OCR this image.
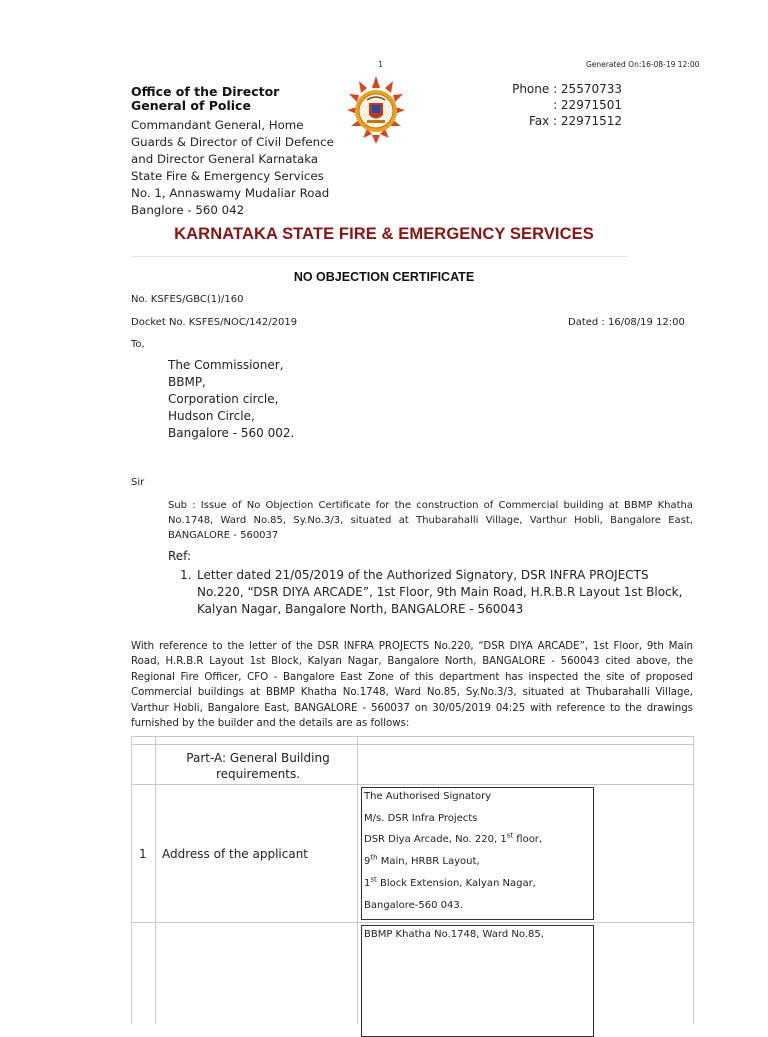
1	Generated On:16-08-19 12:00
Office of the Director
General of Police
Commandant General, Home
Guards & Director of Civil Defence
and Director General Karnataka
State Fire & Emergency Services
No. 1, Annaswamy Mudaliar Road
Banglore - 560 042
Phone : 25570733
: 22971501
Fax : 22971512
KARNATAKA STATE FIRE & EMERGENCY SERVICES
NO OBJECTION CERTIFICATE
No. KSFES/GBC(1)/160
Docket No. KSFES/NOC/142/2019	Dated : 16/08/19 12:00
To,
The Commissioner,
BBMP,
Corporation circle,
Hudson Circle,
Bangalore - 560 002.
Sir
Sub : Issue of No Objection Certificate for the construction of Commercial building at BBMP Khatha No.1748, Ward No.85, Sy.No.3/3, situated at Thubarahalli Village, Varthur Hobli, Bangalore East, BANGALORE - 560037
Ref:
1. Letter dated 21/05/2019 of the Authorized Signatory, DSR INFRA PROJECTS No.220, “DSR DIYA ARCADE”, 1st Floor, 9th Main Road, H.R.B.R Layout 1st Block, Kalyan Nagar, Bangalore North, BANGALORE - 560043
With reference to the letter of the DSR INFRA PROJECTS No.220, “DSR DIYA ARCADE”, 1st Floor, 9th Main Road, H.R.B.R Layout 1st Block, Kalyan Nagar, Bangalore North, BANGALORE - 560043 cited above, the Regional Fire Officer, CFO - Bangalore East Zone of this department has inspected the site of proposed Commercial buildings at BBMP Khatha No.1748, Ward No.85, Sy.No.3/3, situated at Thubarahalli Village, Varthur Hobli, Bangalore East, BANGALORE - 560037 on 30/05/2019 04:25 with reference to the drawings furnished by the builder and the details are as follows:
Part-A: General Building requirements.
1 Address of the applicant
The Authorised Signatory
M/s. DSR Infra Projects
DSR Diya Arcade, No. 220, 1st floor,
9th Main, HRBR Layout,
1st Block Extension, Kalyan Nagar,
Bangalore-560 043.
BBMP Khatha No.1748, Ward No.85,
